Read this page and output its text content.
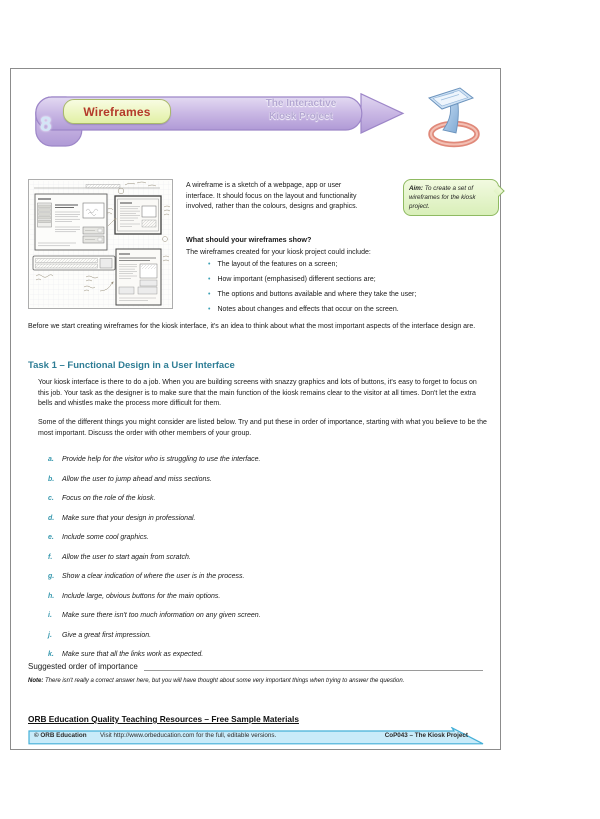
Wireframes
The Interactive
Kiosk Project
8
A wireframe is a sketch of a webpage, app or user interface. It should focus on the layout and functionality involved, rather than the colours, designs and graphics.
Aim: To create a set of wireframes for the kiosk project.
What should your wireframes show?
The wireframes created for your kiosk project could include:
• The layout of the features on a screen;
• How important (emphasised) different sections are;
• The options and buttons available and where they take the user;
• Notes about changes and effects that occur on the screen.
Before we start creating wireframes for the kiosk interface, it's an idea to think about what the most important aspects of the interface design are.
Task 1 – Functional Design in a User Interface
Your kiosk interface is there to do a job. When you are building screens with snazzy graphics and lots of buttons, it's easy to forget to focus on this job. Your task as the designer is to make sure that the main function of the kiosk remains clear to the visitor at all times. Don't let the extra bells and whistles make the process more difficult for them.
Some of the different things you might consider are listed below. Try and put these in order of importance, starting with what you believe to be the most important. Discuss the order with other members of your group.
a.	Provide help for the visitor who is struggling to use the interface.
b.	Allow the user to jump ahead and miss sections.
c.	Focus on the role of the kiosk.
d.	Make sure that your design in professional.
e.	Include some cool graphics.
f.	Allow the user to start again from scratch.
g.	Show a clear indication of where the user is in the process.
h.	Include large, obvious buttons for the main options.
i.	Make sure there isn't too much information on any given screen.
j.	Give a great first impression.
k.	Make sure that all the links work as expected.
Suggested order of importance
Note: There isn't really a correct answer here, but you will have thought about some very important things when trying to answer the question.
ORB Education Quality Teaching Resources – Free Sample Materials
© ORB Education Visit http://www.orbeducation.com for the full, editable versions.	CoP043 – The Kiosk Project
